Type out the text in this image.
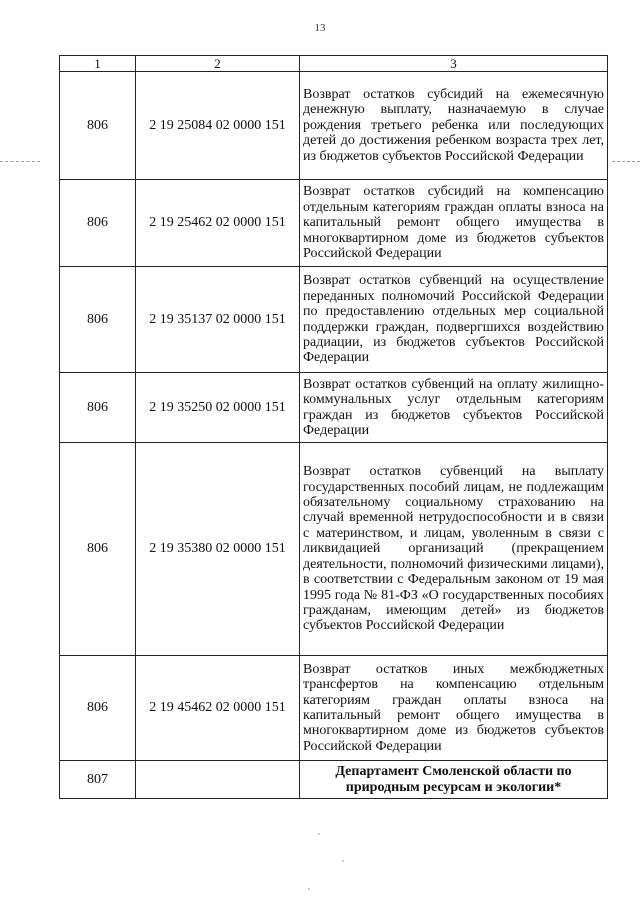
13
1	2	3
806	2 19 25084 02 0000 151	Возврат остатков субсидий на ежемесячную денежную выплату, назначаемую в случае рождения третьего ребенка или последующих детей до достижения ребенком возраста трех лет, из бюджетов субъектов Российской Федерации
806	2 19 25462 02 0000 151	Возврат остатков субсидий на компенсацию отдельным категориям граждан оплаты взноса на капитальный ремонт общего имущества в многоквартирном доме из бюджетов субъектов Российской Федерации
806	2 19 35137 02 0000 151	Возврат остатков субвенций на осуществление переданных полномочий Российской Федерации по предоставлению отдельных мер социальной поддержки граждан, подвергшихся воздействию радиации, из бюджетов субъектов Российской Федерации
806	2 19 35250 02 0000 151	Возврат остатков субвенций на оплату жилищно-коммунальных услуг отдельным категориям граждан из бюджетов субъектов Российской Федерации
806	2 19 35380 02 0000 151	Возврат остатков субвенций на выплату государственных пособий лицам, не подлежащим обязательному социальному страхованию на случай временной нетрудоспособности и в связи с материнством, и лицам, уволенным в связи с ликвидацией организаций (прекращением деятельности, полномочий физическими лицами), в соответствии с Федеральным законом от 19 мая 1995 года № 81-ФЗ «О государственных пособиях гражданам, имеющим детей» из бюджетов субъектов Российской Федерации
806	2 19 45462 02 0000 151	Возврат остатков иных межбюджетных трансфертов на компенсацию отдельным категориям граждан оплаты взноса на капитальный ремонт общего имущества в многоквартирном доме из бюджетов субъектов Российской Федерации
807		Департамент Смоленской области по природным ресурсам и экологии*
